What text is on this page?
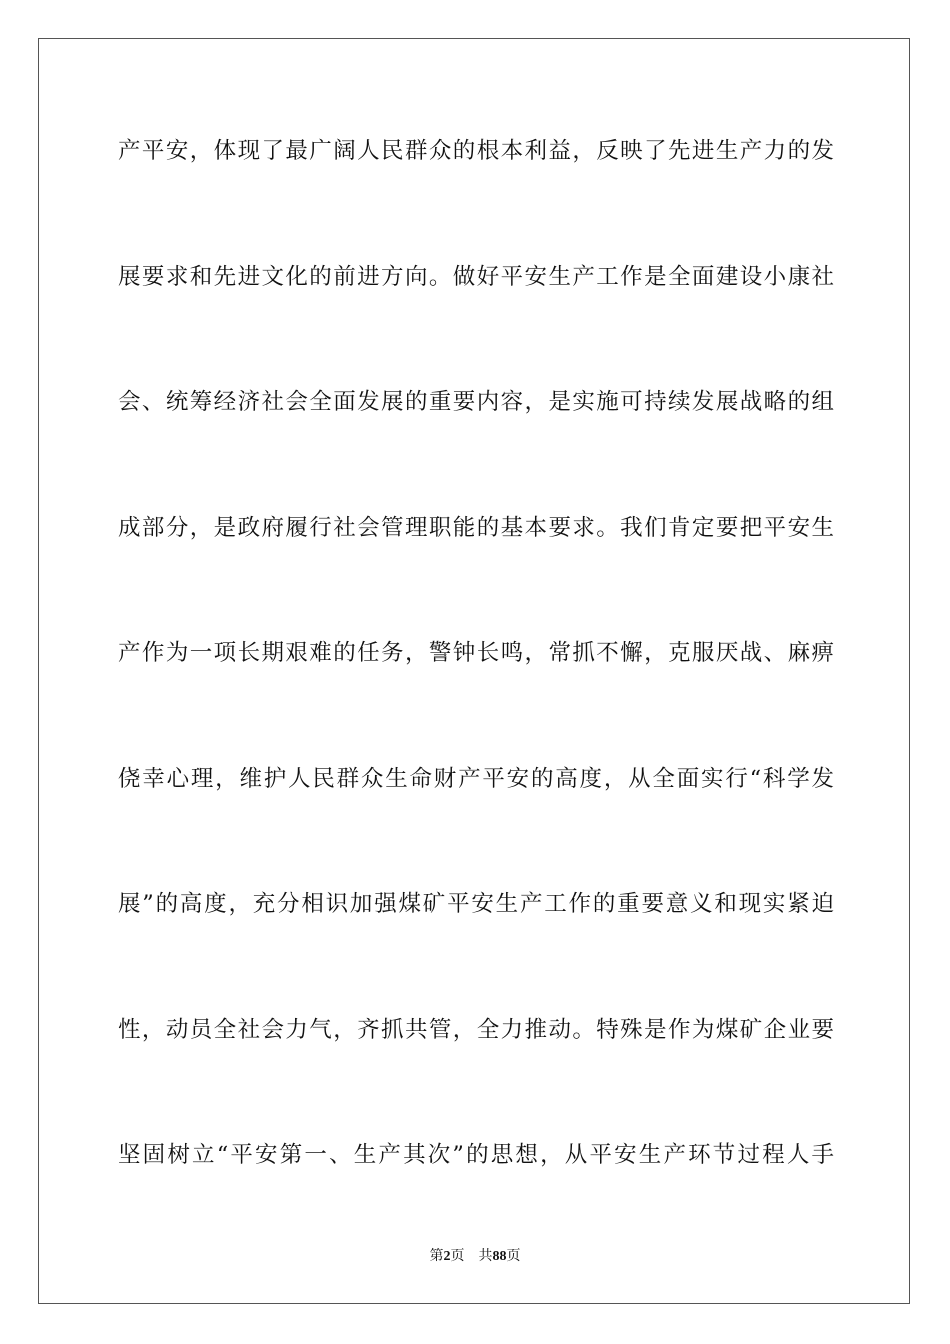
产平安，体现了最广阔人民群众的根本利益，反映了先进生产力的发
展要求和先进文化的前进方向。做好平安生产工作是全面建设小康社
会、统筹经济社会全面发展的重要内容，是实施可持续发展战略的组
成部分，是政府履行社会管理职能的基本要求。我们肯定要把平安生
产作为一项长期艰难的任务，警钟长鸣，常抓不懈，克服厌战、麻痹
侥幸心理，维护人民群众生命财产平安的高度，从全面实行“科学发
展”的高度，充分相识加强煤矿平安生产工作的重要意义和现实紧迫
性，动员全社会力气，齐抓共管，全力推动。特殊是作为煤矿企业要
坚固树立“平安第一、生产其次”的思想，从平安生产环节过程人手
第2页 共88页
